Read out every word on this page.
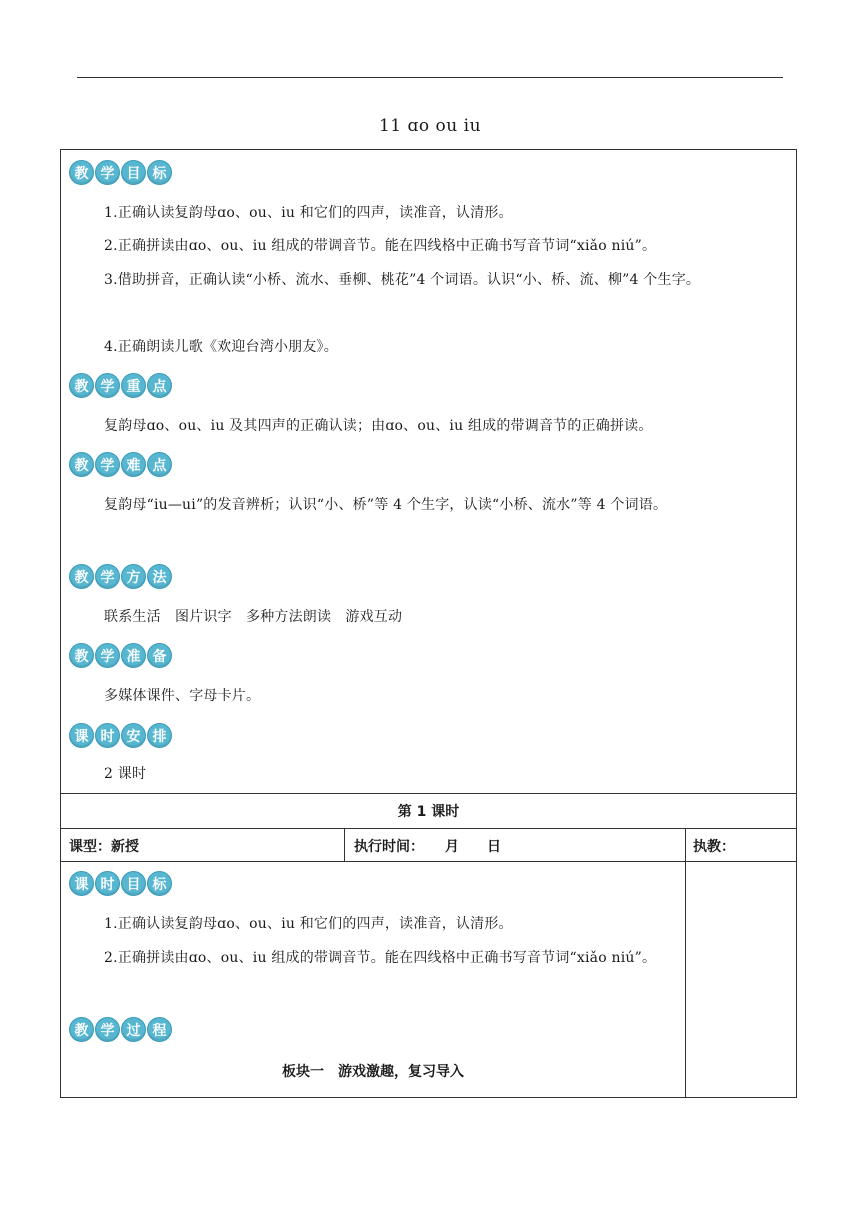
11 ɑo ou iu
教 学 目 标

1.正确认读复韵母ɑo、ou、iu 和它们的四声，读准音，认清形。

2.正确拼读由ɑo、ou、iu 组成的带调音节。能在四线格中正确书写音节词“xiǎo niú”。

3.借助拼音，正确认读“小桥、流水、垂柳、桃花”4 个词语。认识“小、桥、流、柳”4 个生字。

4.正确朗读儿歌《欢迎台湾小朋友》。

教 学 重 点

复韵母ɑo、ou、iu 及其四声的正确认读；由ɑo、ou、iu 组成的带调音节的正确拼读。

教 学 难 点

复韵母“iu—ui”的发音辨析；认识“小、桥”等 4 个生字，认读“小桥、流水”等 4 个词语。

教 学 方 法

联系生活　图片识字　多种方法朗读　游戏互动

教 学 准 备

多媒体课件、字母卡片。

课 时 安 排

2 课时

第 1 课时
课型：新授	执行时间：　　月　　日	执教：
课 时 目 标

1.正确认读复韵母ɑo、ou、iu 和它们的四声，读准音，认清形。

2.正确拼读由ɑo、ou、iu 组成的带调音节。能在四线格中正确书写音节词“xiǎo niú”。

教 学 过 程
板块一　游戏激趣，复习导入
